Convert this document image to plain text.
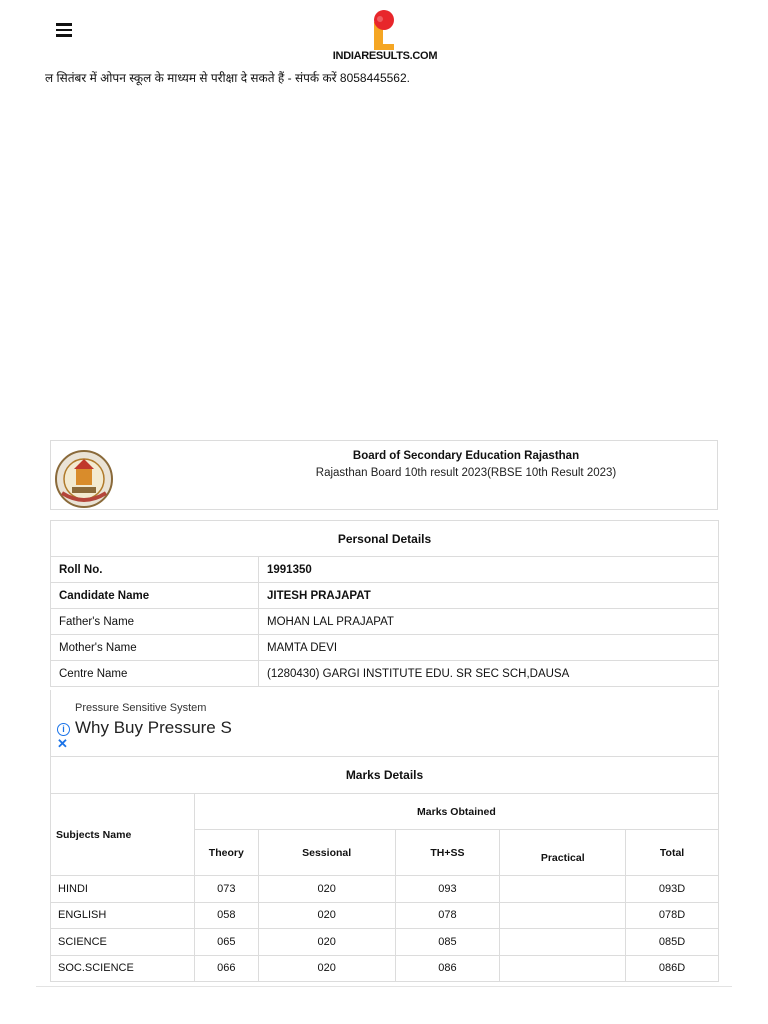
INDIARESULTS.COM
ल सितंबर में ओपन स्कूल के माध्यम से परीक्षा दे सकते हैं - संपर्क करें 8058445562.
Board of Secondary Education Rajasthan
Rajasthan Board 10th result 2023(RBSE 10th Result 2023)
Personal Details	
Roll No.	1991350
Candidate Name	JITESH PRAJAPAT
Father's Name	MOHAN LAL PRAJAPAT
Mother's Name	MAMTA DEVI
Centre Name	(1280430) GARGI INSTITUTE EDU. SR SEC SCH,DAUSA
Pressure Sensitive System
Why Buy Pressure S
i
✕
Marks Details					
Subjects Name	Marks Obtained				
	Theory	Sessional	TH+SS	Practical	Total
HINDI	073	020	093		093D
ENGLISH	058	020	078		078D
SCIENCE	065	020	085		085D
SOC.SCIENCE	066	020	086		086D
